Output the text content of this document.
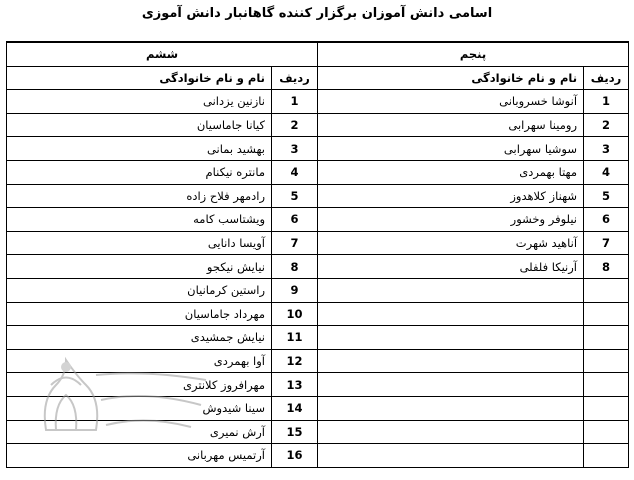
اسامی دانش آموزان برگزار کننده گاهانبار دانش آموزی
پنجم		ششم	
ردیف	نام و نام خانوادگی	ردیف	نام و نام خانوادگی
1	آنوشا خسروبانی	1	نازنین یزدانی
2	رومینا سهرابی	2	کیانا جاماسیان
3	سوشیا سهرابی	3	بهشید بمانی
4	مهتا بهمردی	4	مانتره نیکنام
5	شهناز کلاهدوز	5	رادمهر فلاح زاده
6	نیلوفر وخشور	6	ویشتاسب کامه
7	آناهید شهرت	7	آویسا دانایی
8	آرنیکا فلفلی	8	نیایش نیکجو
		9	راستین کرمانیان
		10	مهرداد جاماسیان
		11	نیایش جمشیدی
		12	آوا بهمردی
		13	مهرافروز کلانتری
		14	سینا شیدوش
		15	آرش نمیری
		16	آرتمیس مهربانی
